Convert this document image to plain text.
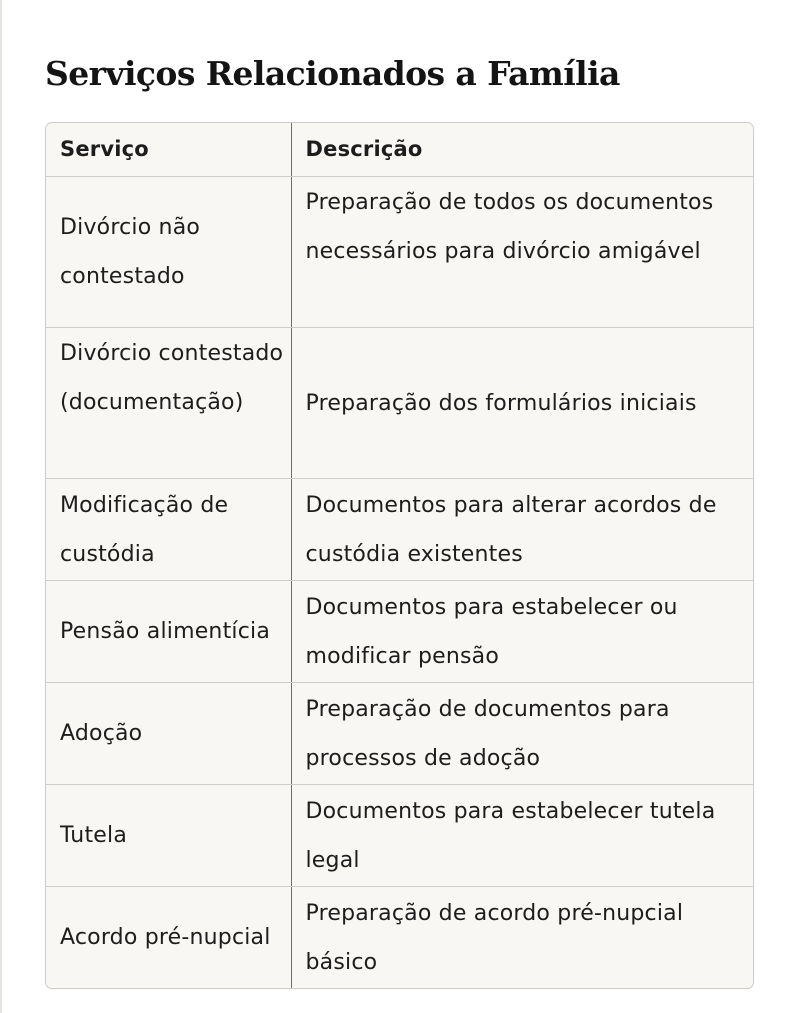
Serviços Relacionados a Família
Serviço	Descrição
Divórcio não contestado	Preparação de todos os documentos necessários para divórcio amigável
Divórcio contestado (documentação)	Preparação dos formulários iniciais
Modificação de custódia	Documentos para alterar acordos de custódia existentes
Pensão alimentícia	Documentos para estabelecer ou modificar pensão
Adoção	Preparação de documentos para processos de adoção
Tutela	Documentos para estabelecer tutela legal
Acordo pré-nupcial	Preparação de acordo pré-nupcial básico
